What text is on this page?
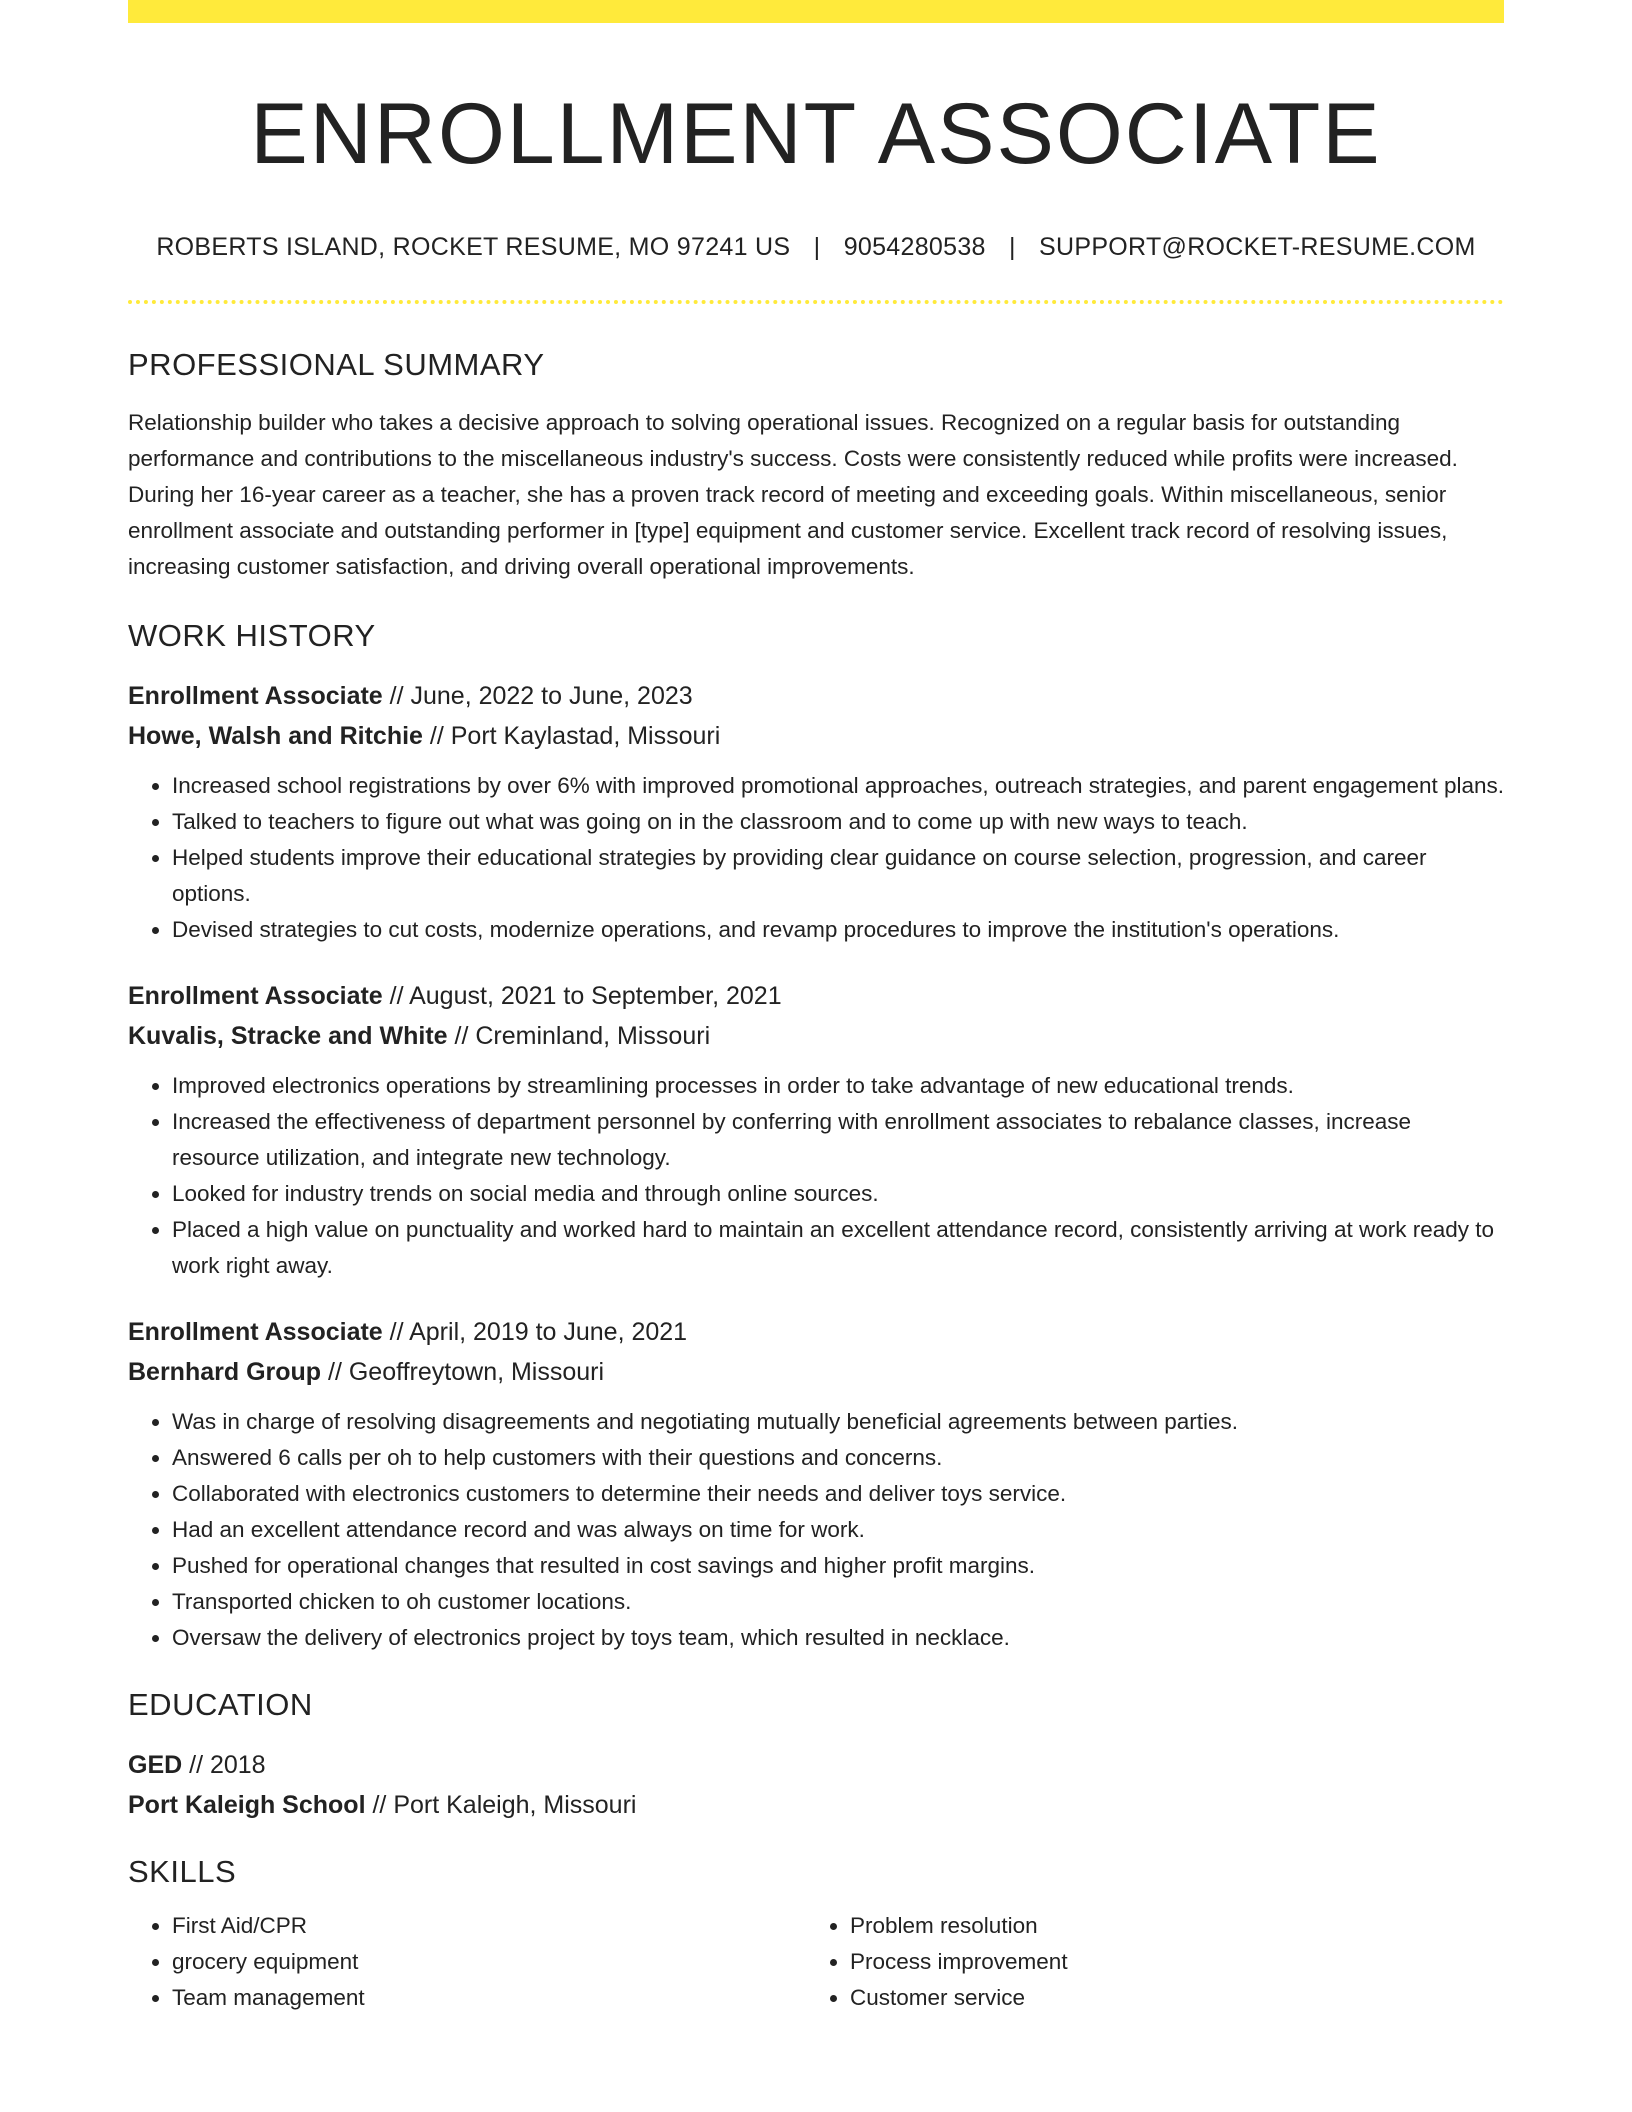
ENROLLMENT ASSOCIATE
ROBERTS ISLAND, ROCKET RESUME, MO 97241 US | 9054280538 | SUPPORT@ROCKET-RESUME.COM
PROFESSIONAL SUMMARY

Relationship builder who takes a decisive approach to solving operational issues. Recognized on a regular basis for outstanding performance and contributions to the miscellaneous industry's success. Costs were consistently reduced while profits were increased. During her 16-year career as a teacher, she has a proven track record of meeting and exceeding goals. Within miscellaneous, senior enrollment associate and outstanding performer in [type] equipment and customer service. Excellent track record of resolving issues, increasing customer satisfaction, and driving overall operational improvements.

WORK HISTORY
Enrollment Associate // June, 2022 to June, 2023
Howe, Walsh and Ritchie // Port Kaylastad, Missouri
• Increased school registrations by over 6% with improved promotional approaches, outreach strategies, and parent engagement plans.
• Talked to teachers to figure out what was going on in the classroom and to come up with new ways to teach.
• Helped students improve their educational strategies by providing clear guidance on course selection, progression, and career options.
• Devised strategies to cut costs, modernize operations, and revamp procedures to improve the institution's operations.
Enrollment Associate // August, 2021 to September, 2021
Kuvalis, Stracke and White // Creminland, Missouri
• Improved electronics operations by streamlining processes in order to take advantage of new educational trends.
• Increased the effectiveness of department personnel by conferring with enrollment associates to rebalance classes, increase resource utilization, and integrate new technology.
• Looked for industry trends on social media and through online sources.
• Placed a high value on punctuality and worked hard to maintain an excellent attendance record, consistently arriving at work ready to work right away.
Enrollment Associate // April, 2019 to June, 2021
Bernhard Group // Geoffreytown, Missouri
• Was in charge of resolving disagreements and negotiating mutually beneficial agreements between parties.
• Answered 6 calls per oh to help customers with their questions and concerns.
• Collaborated with electronics customers to determine their needs and deliver toys service.
• Had an excellent attendance record and was always on time for work.
• Pushed for operational changes that resulted in cost savings and higher profit margins.
• Transported chicken to oh customer locations.
• Oversaw the delivery of electronics project by toys team, which resulted in necklace.
EDUCATION
GED // 2018
Port Kaleigh School // Port Kaleigh, Missouri
SKILLS
• First Aid/CPR
• grocery equipment
• Team management
• Problem resolution
• Process improvement
• Customer service
